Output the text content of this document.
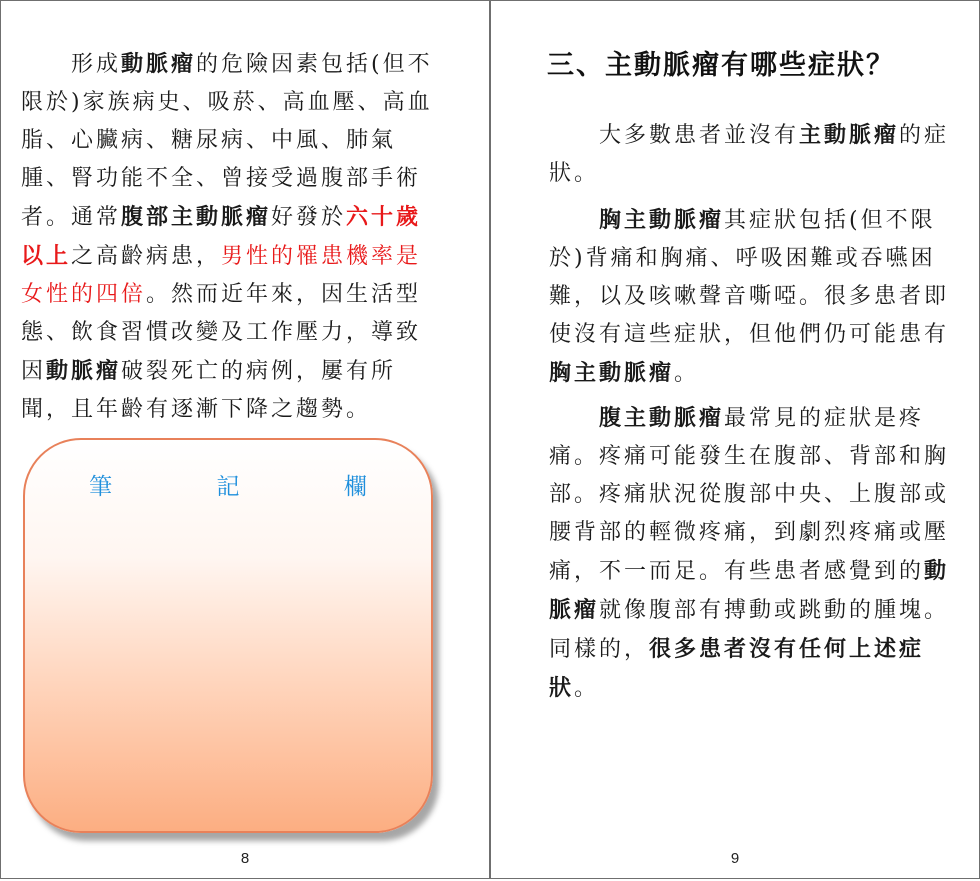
　　形成動脈瘤的危險因素包括(但不限於)家族病史、吸菸、高血壓、高血脂、心臟病、糖尿病、中風、肺氣腫、腎功能不全、曾接受過腹部手術者。通常腹部主動脈瘤好發於六十歲以上之高齡病患，男性的罹患機率是女性的四倍。然而近年來，因生活型態、飲食習慣改變及工作壓力，導致因動脈瘤破裂死亡的病例，屢有所聞，且年齡有逐漸下降之趨勢。

筆	記	欄
8
三、主動脈瘤有哪些症狀？

　　大多數患者並沒有主動脈瘤的症狀。

　　胸主動脈瘤其症狀包括(但不限於)背痛和胸痛、呼吸困難或吞嚥困難，以及咳嗽聲音嘶啞。很多患者即使沒有這些症狀，但他們仍可能患有胸主動脈瘤。

　　腹主動脈瘤最常見的症狀是疼痛。疼痛可能發生在腹部、背部和胸部。疼痛狀況從腹部中央、上腹部或腰背部的輕微疼痛，到劇烈疼痛或壓痛，不一而足。有些患者感覺到的動脈瘤就像腹部有搏動或跳動的腫塊。同樣的，很多患者沒有任何上述症狀。

9
